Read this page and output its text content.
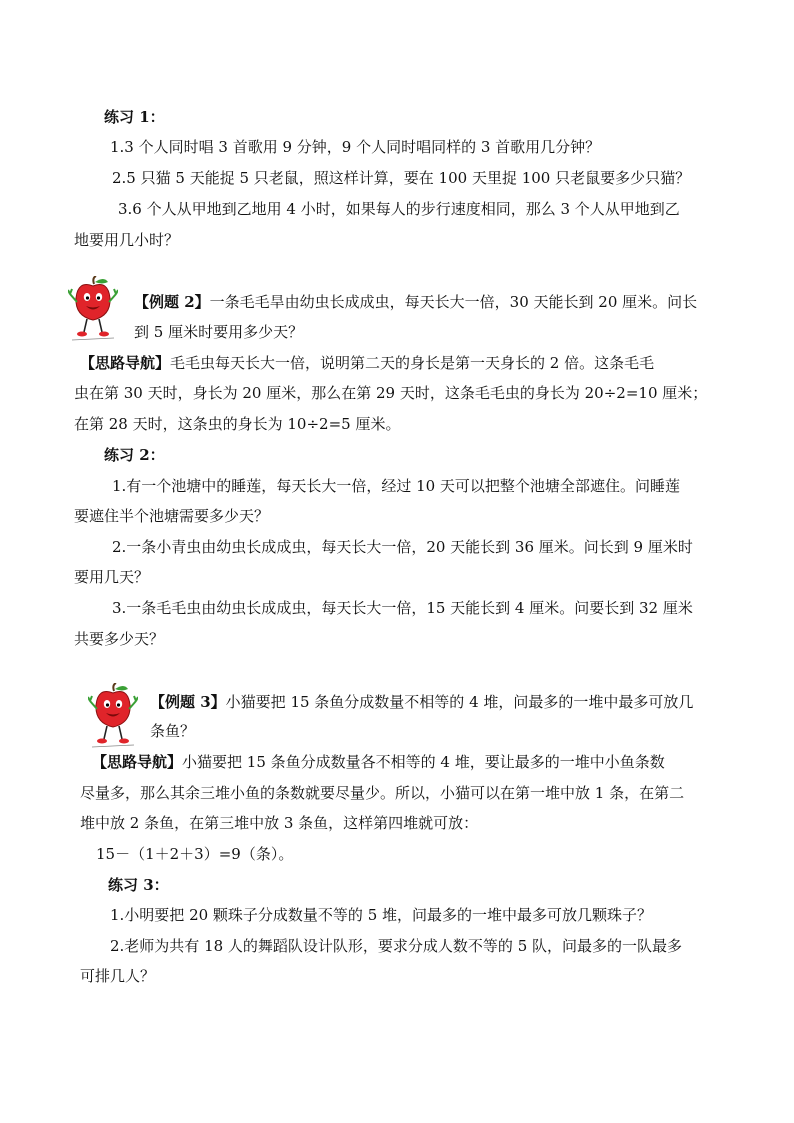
练习 1：
1.3 个人同时唱 3 首歌用 9 分钟，9 个人同时唱同样的 3 首歌用几分钟？
2.5 只猫 5 天能捉 5 只老鼠，照这样计算，要在 100 天里捉 100 只老鼠要多少只猫？
3.6 个人从甲地到乙地用 4 小时，如果每人的步行速度相同，那么 3 个人从甲地到乙
地要用几小时？
【例题 2】一条毛毛旱由幼虫长成成虫，每天长大一倍，30 天能长到 20 厘米。问长
到 5 厘米时要用多少天？
【思路导航】毛毛虫每天长大一倍，说明第二天的身长是第一天身长的 2 倍。这条毛毛
虫在第 30 天时，身长为 20 厘米，那么在第 29 天时，这条毛毛虫的身长为 20÷2=10 厘米；
在第 28 天时，这条虫的身长为 10÷2=5 厘米。
练习 2：
1.有一个池塘中的睡莲，每天长大一倍，经过 10 天可以把整个池塘全部遮住。问睡莲
要遮住半个池塘需要多少天？
2.一条小青虫由幼虫长成成虫，每天长大一倍，20 天能长到 36 厘米。问长到 9 厘米时
要用几天？
3.一条毛毛虫由幼虫长成成虫，每天长大一倍，15 天能长到 4 厘米。问要长到 32 厘米
共要多少天？
【例题 3】小猫要把 15 条鱼分成数量不相等的 4 堆，问最多的一堆中最多可放几
条鱼？
【思路导航】小猫要把 15 条鱼分成数量各不相等的 4 堆，要让最多的一堆中小鱼条数
尽量多，那么其余三堆小鱼的条数就要尽量少。所以，小猫可以在第一堆中放 1 条，在第二
堆中放 2 条鱼，在第三堆中放 3 条鱼，这样第四堆就可放：
15－（1＋2＋3）=9（条）。
练习 3：
1.小明要把 20 颗珠子分成数量不等的 5 堆，问最多的一堆中最多可放几颗珠子？
2.老师为共有 18 人的舞蹈队设计队形，要求分成人数不等的 5 队，问最多的一队最多
可排几人？
